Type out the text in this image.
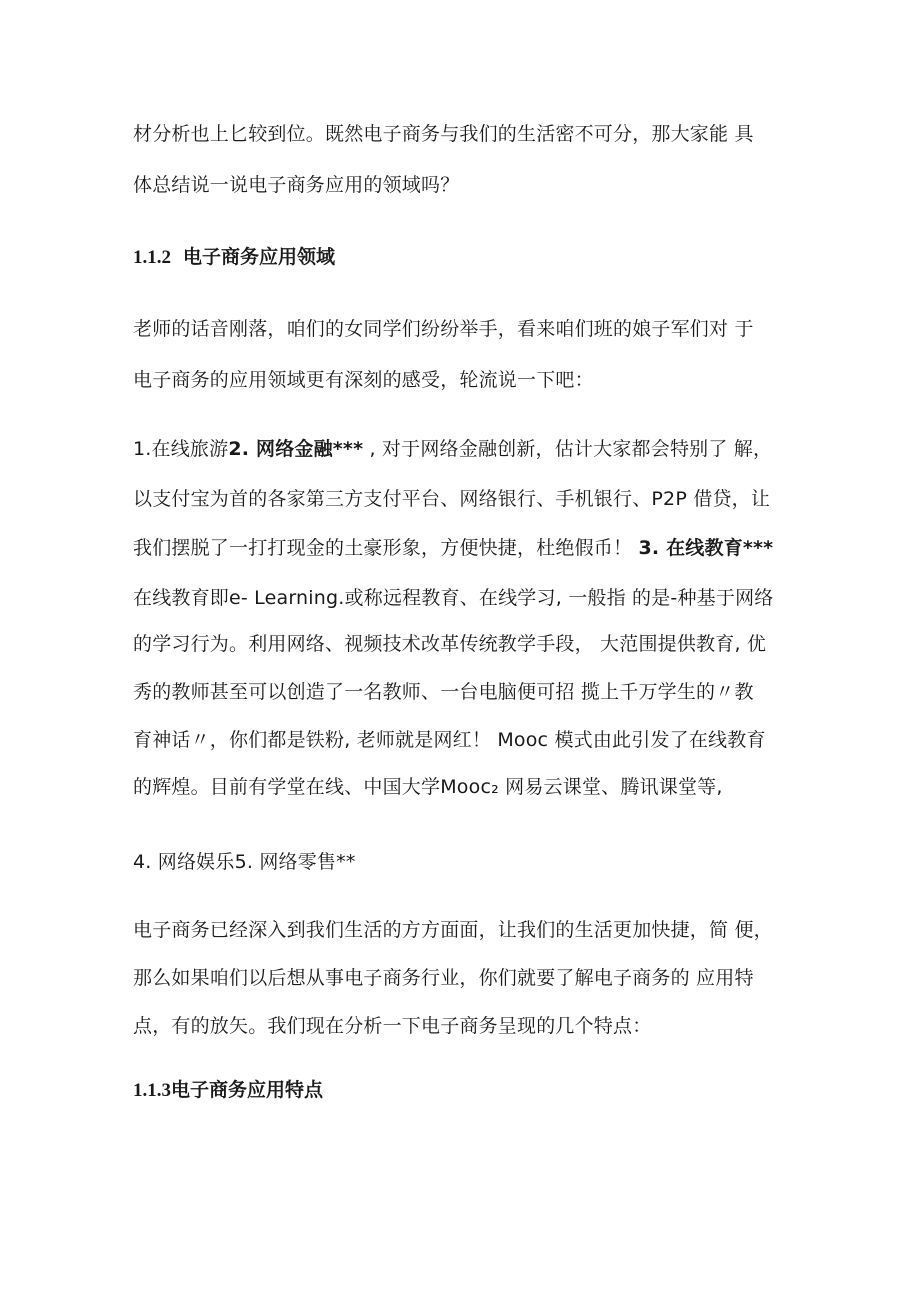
材分析也上匕较到位。既然电子商务与我们的生活密不可分，那大家能 具
体总结说一说电子商务应用的领域吗？
1.1.2 电子商务应用领域
老师的话音刚落，咱们的女同学们纷纷举手，看来咱们班的娘子军们对 于
电子商务的应用领域更有深刻的感受，轮流说一下吧：
1.在线旅游2. 网络金融*** , 对于网络金融创新，估计大家都会特别了 解，
以支付宝为首的各家第三方支付平台、网络银行、手机银行、P2P 借贷，让
我们摆脱了一打打现金的土豪形象，方便快捷，杜绝假币！ 3. 在线教育***
在线教育即e- Learning.或称远程教育、在线学习, 一般指 的是-种基于网络
的学习行为。利用网络、视频技术改革传统教学手段， 大范围提供教育, 优
秀的教师甚至可以创造了一名教师、一台电脑便可招 揽上千万学生的〃教
育神话〃，你们都是铁粉, 老师就是网红！ Mooc 模式由此引发了在线教育
的辉煌。目前有学堂在线、中国大学Mooc₂ 网易云课堂、腾讯课堂等,
4. 网络娱乐5. 网络零售**
电子商务已经深入到我们生活的方方面面，让我们的生活更加快捷，简 便，
那么如果咱们以后想从事电子商务行业，你们就要了解电子商务的 应用特
点，有的放矢。我们现在分析一下电子商务呈现的几个特点：
1.1.3电子商务应用特点
